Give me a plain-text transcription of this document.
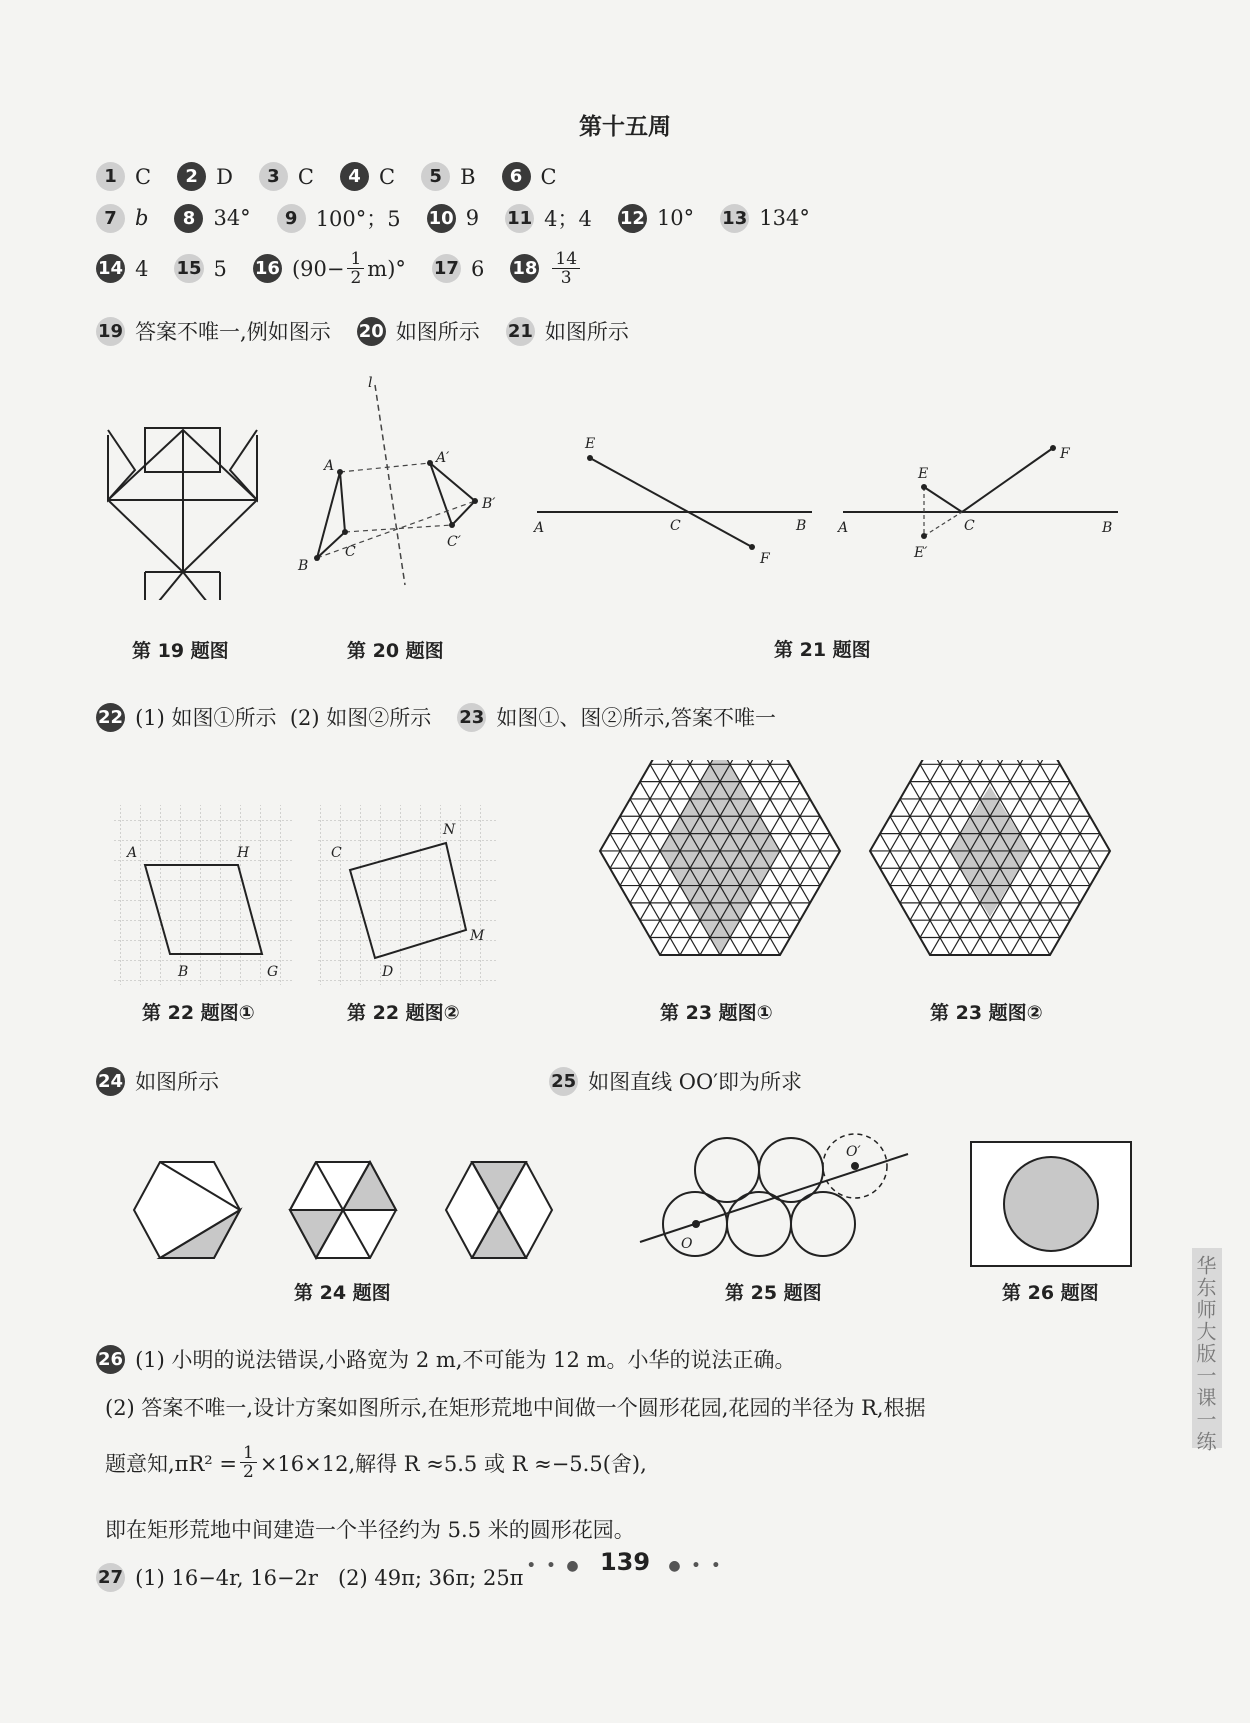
第十五周
1 C	2 D	3 C	4 C	5 B	6 C
7 b	8 34°	9 100°；5 10 9 11 4；4 12 10° 13 134°
14 4 15 5 16 $(90- \frac{1}{2} m)^\circ$ 17 6 $18 \frac{14}{3}$
19 答案不唯一,例如图示 20 如图所示 21 如图所示
l
A	A′
B
B′
C
C′
E
A	C	B
F
E
F
A	C	B
E′
第 19 题图	第 20 题图	第 21 题图
22 (1) 如图①所示  (2) 如图②所示 23 如图①、图②所示,答案不唯一
A	H
B	G
C
N
M
D
第 22 题图①	第 22 题图②	第 23 题图①	第 23 题图②
24 如图所示	25 如图直线 OO′即为所求
O
O′
第 24 题图	第 25 题图	第 26 题图
26 (1) 小明的说法错误,小路宽为 2 m,不可能为 12 m。小华的说法正确。
(2) 答案不唯一,设计方案如图所示,在矩形荒地中间做一个圆形花园,花园的半径为 R,根据
题意知$,\pi R^2 = \frac{1}{2} \times 16\times 12$,解得 R ≈5.5 或 R ≈−5.5(舍),
即在矩形荒地中间建造一个半径约为 5.5 米的圆形花园。
27 (1) 16−4r, 16−2r   (2) 49π; 36π; 25π
华东师大版一课一练
• • ● 139 ● • •
